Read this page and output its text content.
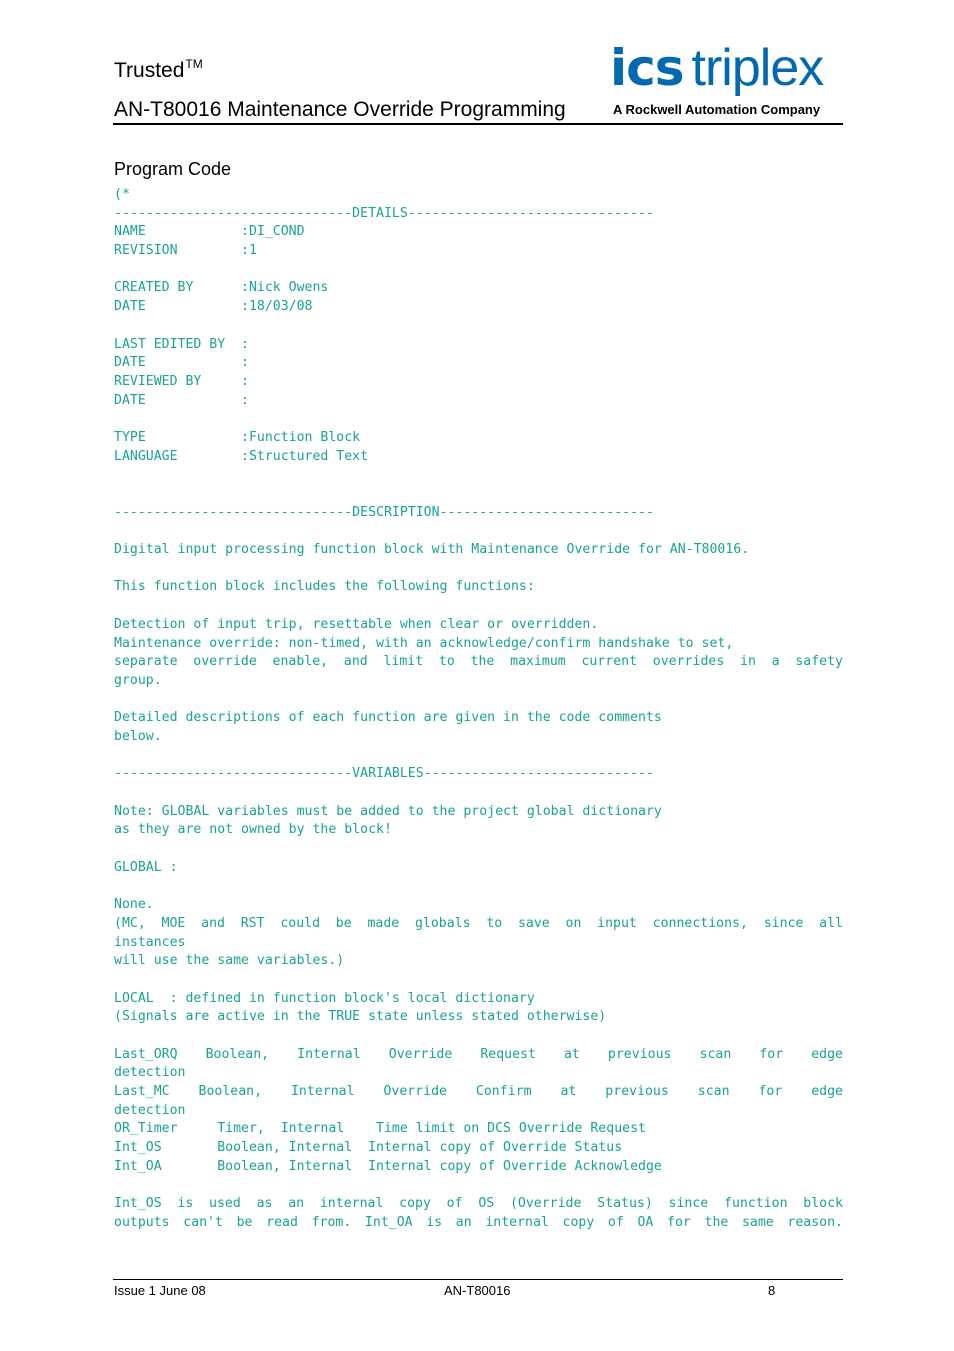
Trusted™
AN-T80016 Maintenance Override Programming
ics triplex
A Rockwell Automation Company
Program Code
(*
------------------------------DETAILS-------------------------------
NAME            :DI_COND
REVISION        :1
CREATED BY      :Nick Owens
DATE            :18/03/08
LAST EDITED BY  :
DATE            :
REVIEWED BY     :
DATE            :
TYPE            :Function Block
LANGUAGE        :Structured Text
------------------------------DESCRIPTION---------------------------
Digital input processing function block with Maintenance Override for AN-T80016.
This function block includes the following functions:
Detection of input trip, resettable when clear or overridden.
Maintenance override: non-timed, with an acknowledge/confirm handshake to set,
separate override enable, and limit to the maximum current overrides in a safety
group.
Detailed descriptions of each function are given in the code comments
below.
------------------------------VARIABLES-----------------------------
Note: GLOBAL variables must be added to the project global dictionary
as they are not owned by the block!
GLOBAL :
None.
(MC, MOE and RST could be made globals to save on input connections, since all
instances
will use the same variables.)
LOCAL  : defined in function block's local dictionary
(Signals are active in the TRUE state unless stated otherwise)
Last_ORQ Boolean, Internal Override Request at previous scan for edge
detection
Last_MC Boolean, Internal Override Confirm at previous scan for edge
detection
OR_Timer     Timer,  Internal    Time limit on DCS Override Request
Int_OS       Boolean, Internal  Internal copy of Override Status
Int_OA       Boolean, Internal  Internal copy of Override Acknowledge
Int_OS is used as an internal copy of OS (Override Status) since function block
outputs can't be read from. Int_OA is an internal copy of OA for the same reason.
Issue 1 June 08	AN-T80016	8
